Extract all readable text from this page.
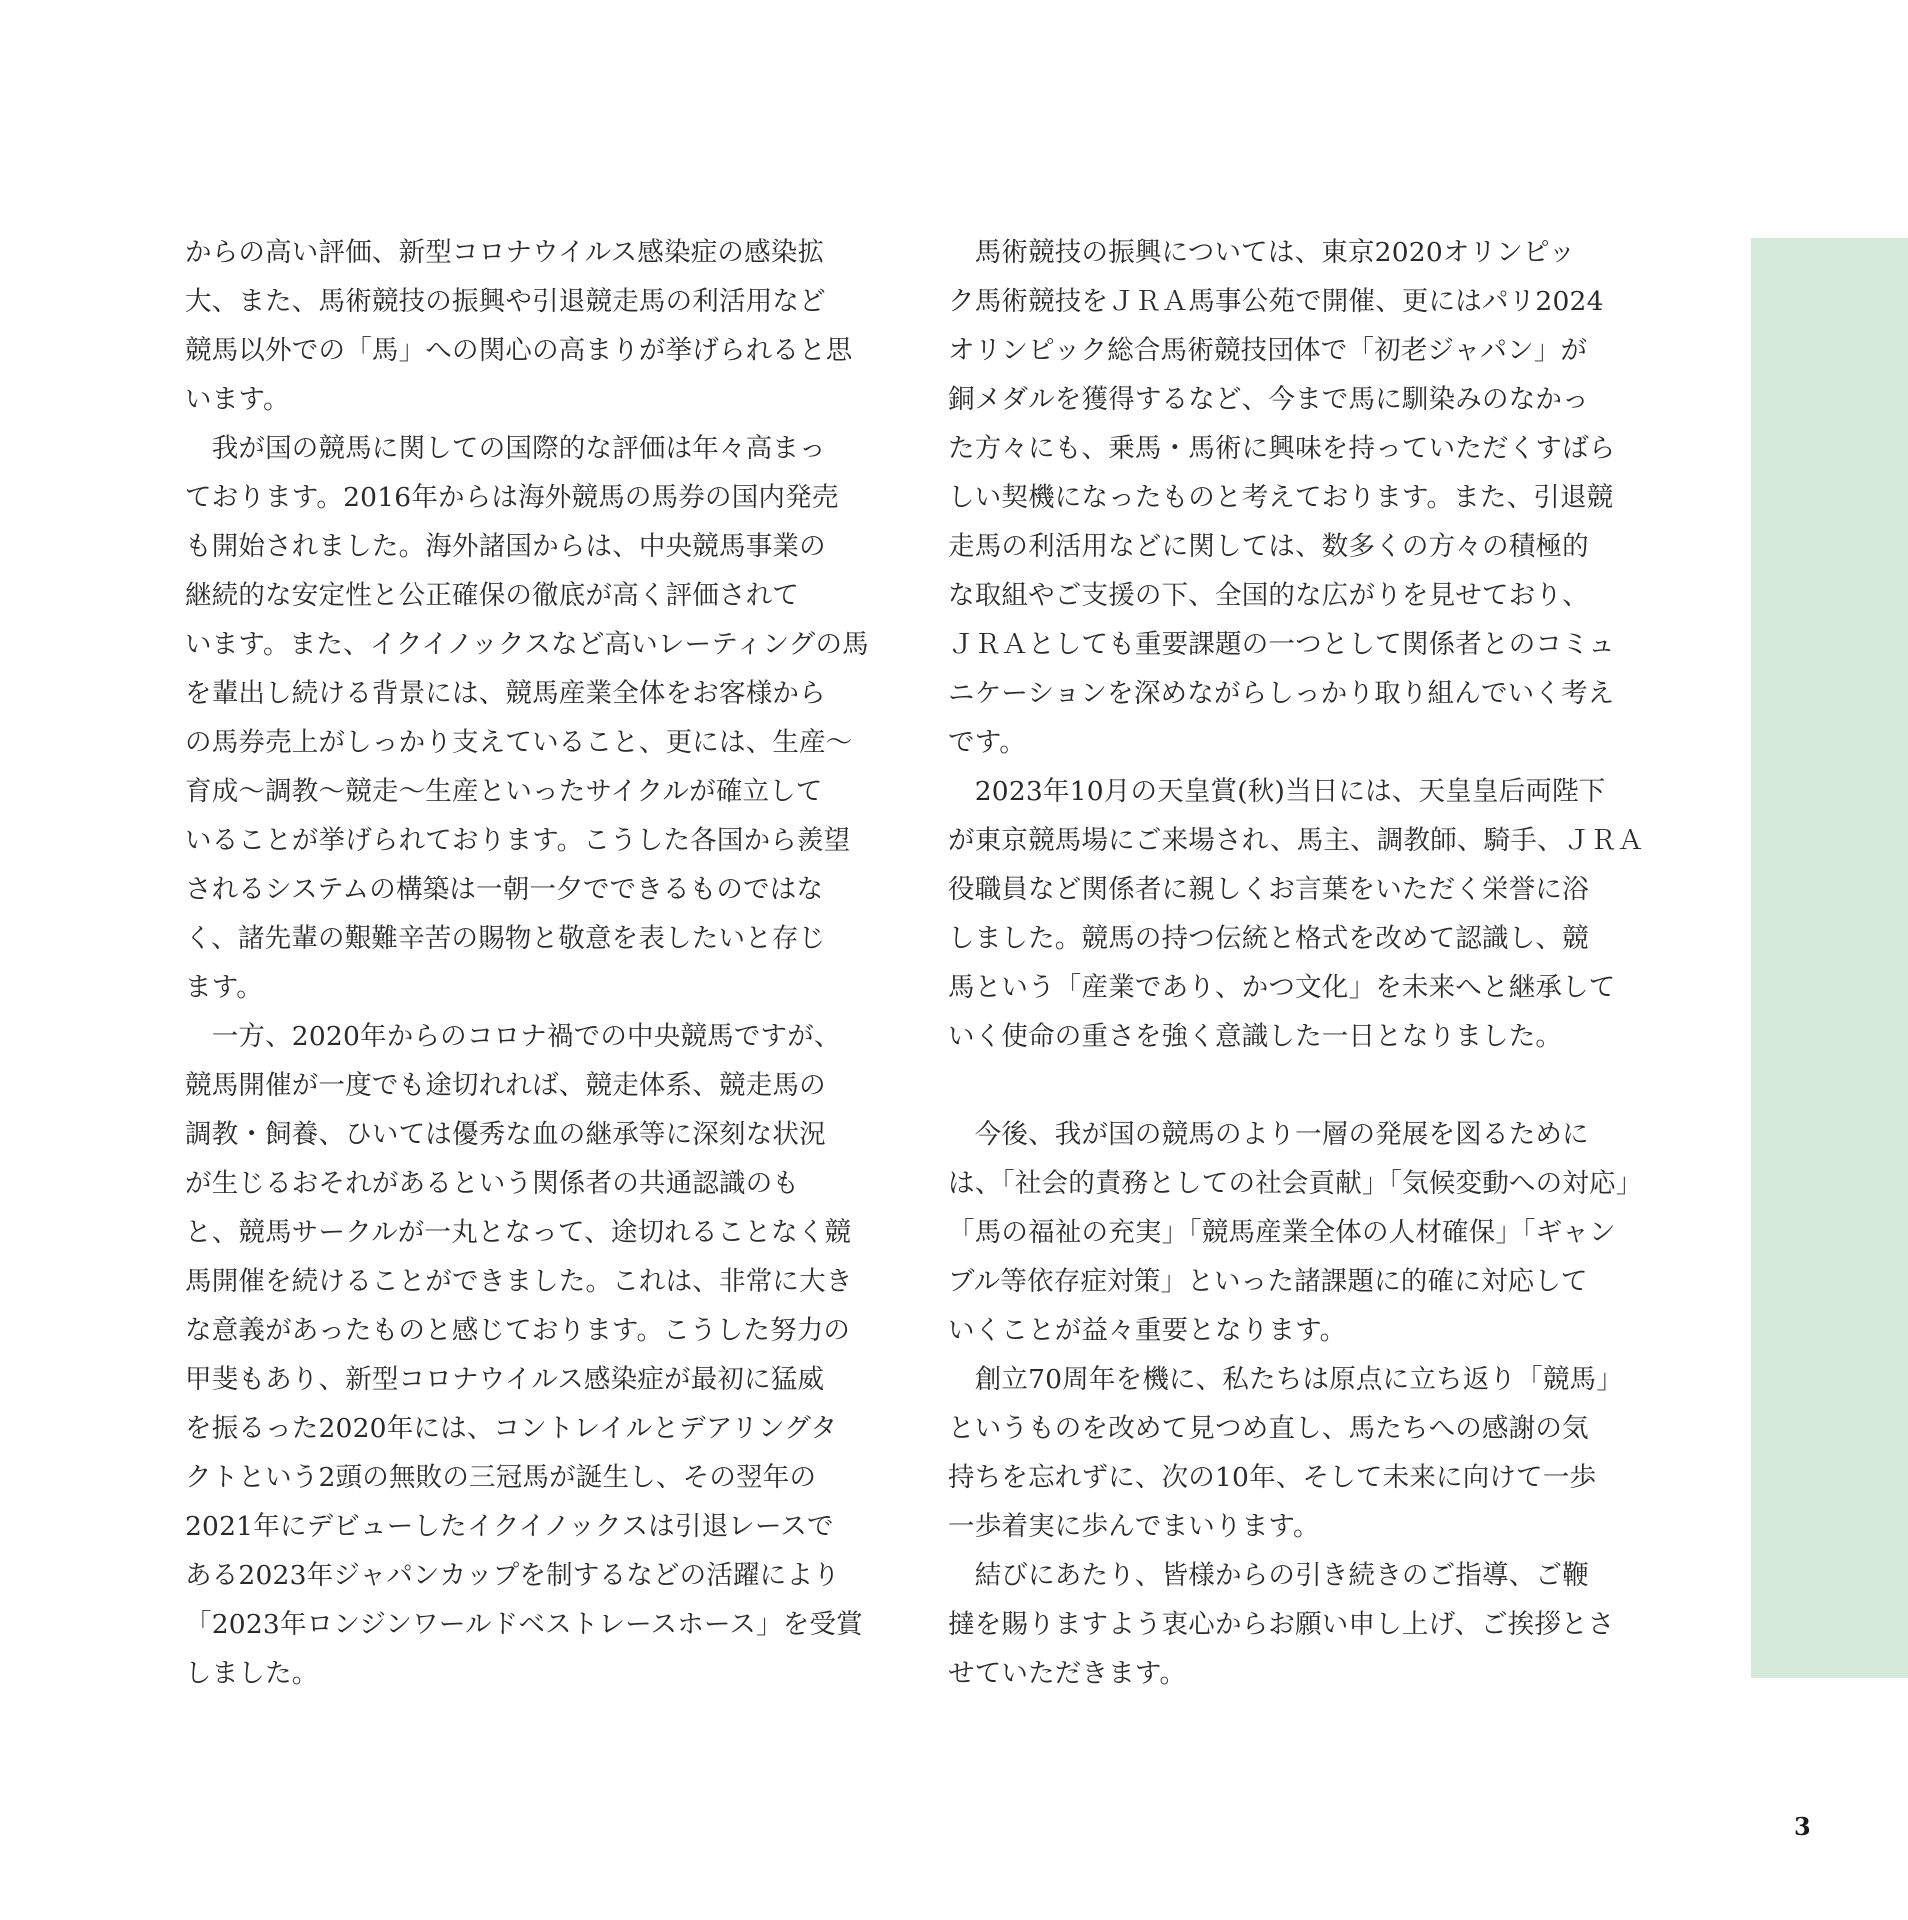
からの高い評価、新型コロナウイルス感染症の感染拡
大、また、馬術競技の振興や引退競走馬の利活用など
競馬以外での「馬」への関心の高まりが挙げられると思
います。
　我が国の競馬に関しての国際的な評価は年々高まっ
ております。2016年からは海外競馬の馬券の国内発売
も開始されました。海外諸国からは、中央競馬事業の
継続的な安定性と公正確保の徹底が高く評価されて
います。また、イクイノックスなど高いレーティングの馬
を輩出し続ける背景には、競馬産業全体をお客様から
の馬券売上がしっかり支えていること、更には、生産～
育成～調教～競走～生産といったサイクルが確立して
いることが挙げられております。こうした各国から羨望
されるシステムの構築は一朝一夕でできるものではな
く、諸先輩の艱難辛苦の賜物と敬意を表したいと存じ
ます。
　一方、2020年からのコロナ禍での中央競馬ですが、
競馬開催が一度でも途切れれば、競走体系、競走馬の
調教・飼養、ひいては優秀な血の継承等に深刻な状況
が生じるおそれがあるという関係者の共通認識のも
と、競馬サークルが一丸となって、途切れることなく競
馬開催を続けることができました。これは、非常に大き
な意義があったものと感じております。こうした努力の
甲斐もあり、新型コロナウイルス感染症が最初に猛威
を振るった2020年には、コントレイルとデアリングタ
クトという2頭の無敗の三冠馬が誕生し、その翌年の
2021年にデビューしたイクイノックスは引退レースで
ある2023年ジャパンカップを制するなどの活躍により
「2023年ロンジンワールドベストレースホース」を受賞
しました。
　馬術競技の振興については、東京2020オリンピッ
ク馬術競技をＪＲＡ馬事公苑で開催、更にはパリ2024
オリンピック総合馬術競技団体で「初老ジャパン」が
銅メダルを獲得するなど、今まで馬に馴染みのなかっ
た方々にも、乗馬・馬術に興味を持っていただくすばら
しい契機になったものと考えております。また、引退競
走馬の利活用などに関しては、数多くの方々の積極的
な取組やご支援の下、全国的な広がりを見せており、
ＪＲＡとしても重要課題の一つとして関係者とのコミュ
ニケーションを深めながらしっかり取り組んでいく考え
です。
　2023年10月の天皇賞(秋)当日には、天皇皇后両陛下
が東京競馬場にご来場され、馬主、調教師、騎手、ＪＲＡ
役職員など関係者に親しくお言葉をいただく栄誉に浴
しました。競馬の持つ伝統と格式を改めて認識し、競
馬という「産業であり、かつ文化」を未来へと継承して
いく使命の重さを強く意識した一日となりました。
　今後、我が国の競馬のより一層の発展を図るために
は、「社会的責務としての社会貢献」「気候変動への対応」
「馬の福祉の充実」「競馬産業全体の人材確保」「ギャン
ブル等依存症対策」といった諸課題に的確に対応して
いくことが益々重要となります。
　創立70周年を機に、私たちは原点に立ち返り「競馬」
というものを改めて見つめ直し、馬たちへの感謝の気
持ちを忘れずに、次の10年、そして未来に向けて一歩
一歩着実に歩んでまいります。
　結びにあたり、皆様からの引き続きのご指導、ご鞭
撻を賜りますよう衷心からお願い申し上げ、ご挨拶とさ
せていただきます。
3
